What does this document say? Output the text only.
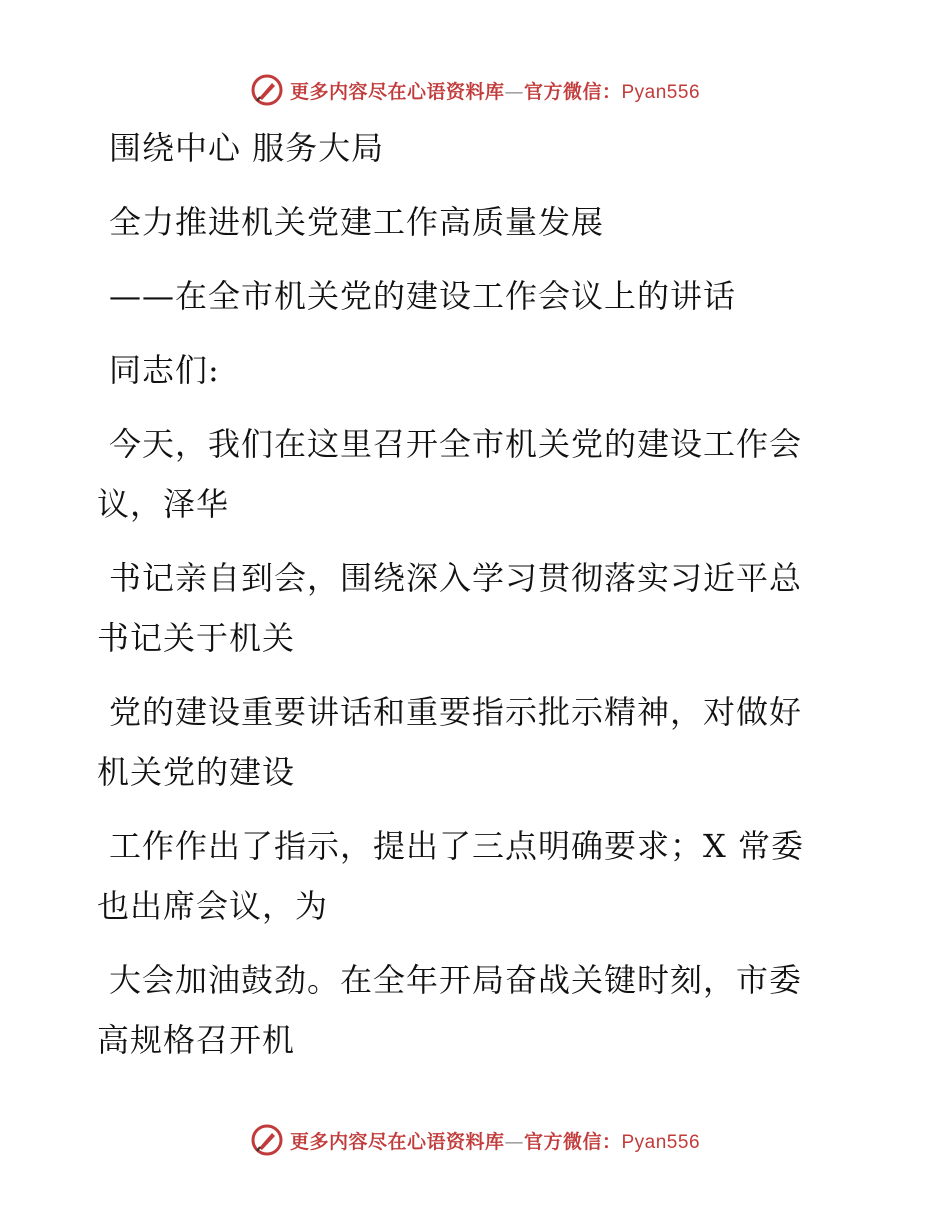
更多内容尽在心语资料库—官方微信：Pyan556

围绕中心 服务大局

全力推进机关党建工作高质量发展

——在全市机关党的建设工作会议上的讲话

同志们:

今天，我们在这里召开全市机关党的建设工作会

议，泽华

书记亲自到会，围绕深入学习贯彻落实习近平总

书记关于机关

党的建设重要讲话和重要指示批示精神，对做好

机关党的建设

工作作出了指示，提出了三点明确要求；X 常委

也出席会议，为

大会加油鼓劲。在全年开局奋战关键时刻，市委

高规格召开机

更多内容尽在心语资料库—官方微信：Pyan556
